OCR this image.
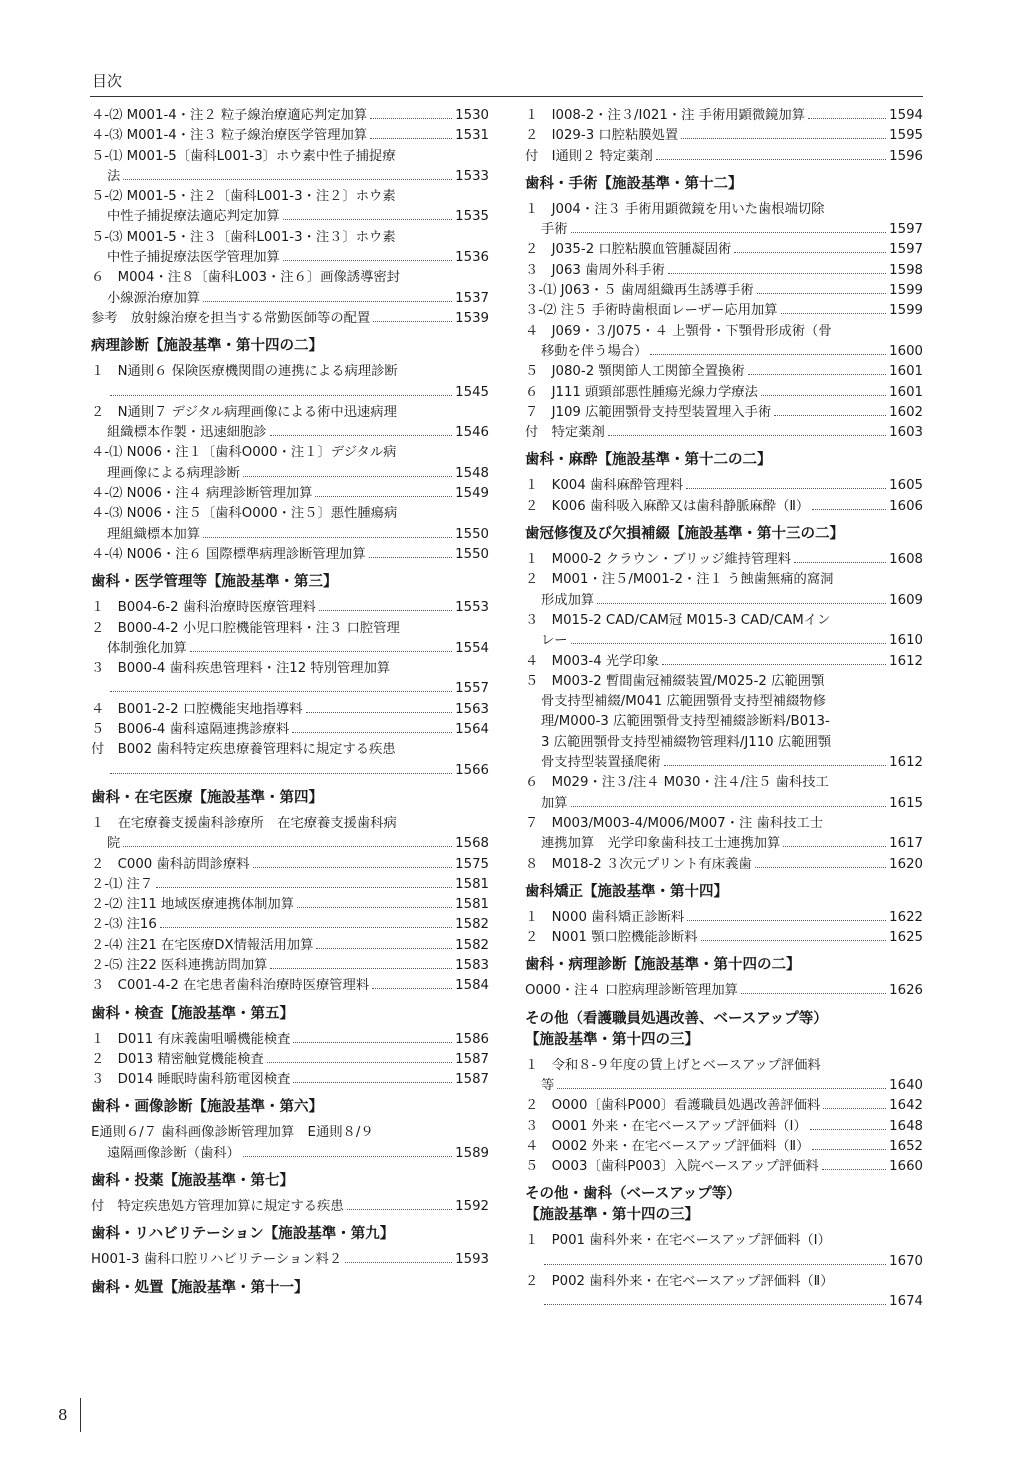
目次
４-⑵ M001-4・注２ 粒子線治療適応判定加算	1530
４-⑶ M001-4・注３ 粒子線治療医学管理加算	1531
５-⑴ M001-5〔歯科L001-3〕ホウ素中性子捕捉療
法	1533
５-⑵ M001-5・注２〔歯科L001-3・注２〕ホウ素
中性子捕捉療法適応判定加算	1535
５-⑶ M001-5・注３〔歯科L001-3・注３〕ホウ素
中性子捕捉療法医学管理加算	1536
６　M004・注８〔歯科L003・注６〕画像誘導密封
小線源治療加算	1537
参考　放射線治療を担当する常勤医師等の配置	1539
病理診断【施設基準・第十四の二】
１　N通則６ 保険医療機関間の連携による病理診断
1545
２　N通則７ デジタル病理画像による術中迅速病理
組織標本作製・迅速細胞診	1546
４-⑴ N006・注１〔歯科O000・注１〕デジタル病
理画像による病理診断	1548
４-⑵ N006・注４ 病理診断管理加算	1549
４-⑶ N006・注５〔歯科O000・注５〕悪性腫瘍病
理組織標本加算	1550
４-⑷ N006・注６ 国際標準病理診断管理加算	1550
歯科・医学管理等【施設基準・第三】
１　B004-6-2 歯科治療時医療管理料	1553
２　B000-4-2 小児口腔機能管理料・注３ 口腔管理
体制強化加算	1554
３　B000-4 歯科疾患管理料・注12 特別管理加算
1557
４　B001-2-2 口腔機能実地指導料	1563
５　B006-4 歯科遠隔連携診療料	1564
付　B002 歯科特定疾患療養管理料に規定する疾患
1566
歯科・在宅医療【施設基準・第四】
１　在宅療養支援歯科診療所　在宅療養支援歯科病
院	1568
２　C000 歯科訪問診療料	1575
２-⑴ 注７	1581
２-⑵ 注11 地域医療連携体制加算	1581
２-⑶ 注16	1582
２-⑷ 注21 在宅医療DX情報活用加算	1582
２-⑸ 注22 医科連携訪問加算	1583
３　C001-4-2 在宅患者歯科治療時医療管理料	1584
歯科・検査【施設基準・第五】
１　D011 有床義歯咀嚼機能検査	1586
２　D013 精密触覚機能検査	1587
３　D014 睡眠時歯科筋電図検査	1587
歯科・画像診断【施設基準・第六】
E通則６/７ 歯科画像診断管理加算　E通則８/９
遠隔画像診断（歯科）	1589
歯科・投薬【施設基準・第七】
付　特定疾患処方管理加算に規定する疾患	1592
歯科・リハビリテーション【施設基準・第九】
H001-3 歯科口腔リハビリテーション料２	1593
歯科・処置【施設基準・第十一】
１　I008-2・注３/I021・注 手術用顕微鏡加算	1594
２　I029-3 口腔粘膜処置	1595
付　I通則２ 特定薬剤	1596
歯科・手術【施設基準・第十二】
１　J004・注３ 手術用顕微鏡を用いた歯根端切除
手術	1597
２　J035-2 口腔粘膜血管腫凝固術	1597
３　J063 歯周外科手術	1598
３-⑴ J063・５ 歯周組織再生誘導手術	1599
３-⑵ 注５ 手術時歯根面レーザー応用加算	1599
４　J069・３/J075・４ 上顎骨・下顎骨形成術（骨
移動を伴う場合）	1600
５　J080-2 顎関節人工関節全置換術	1601
６　J111 頭頸部悪性腫瘍光線力学療法	1601
７　J109 広範囲顎骨支持型装置埋入手術	1602
付　特定薬剤	1603
歯科・麻酔【施設基準・第十二の二】
１　K004 歯科麻酔管理料	1605
２　K006 歯科吸入麻酔又は歯科静脈麻酔（Ⅱ）	1606
歯冠修復及び欠損補綴【施設基準・第十三の二】
１　M000-2 クラウン・ブリッジ維持管理料	1608
２　M001・注５/M001-2・注１ う蝕歯無痛的窩洞
形成加算	1609
３　M015-2 CAD/CAM冠 M015-3 CAD/CAMイン
レー	1610
４　M003-4 光学印象	1612
５　M003-2 暫間歯冠補綴装置/M025-2 広範囲顎
骨支持型補綴/M041 広範囲顎骨支持型補綴物修
理/M000-3 広範囲顎骨支持型補綴診断料/B013-
3 広範囲顎骨支持型補綴物管理料/J110 広範囲顎
骨支持型装置掻爬術	1612
６　M029・注３/注４ M030・注４/注５ 歯科技工
加算	1615
７　M003/M003-4/M006/M007・注 歯科技工士
連携加算　光学印象歯科技工士連携加算	1617
８　M018-2 ３次元プリント有床義歯	1620
歯科矯正【施設基準・第十四】
１　N000 歯科矯正診断料	1622
２　N001 顎口腔機能診断料	1625
歯科・病理診断【施設基準・第十四の二】
O000・注４ 口腔病理診断管理加算	1626
その他（看護職員処遇改善、ベースアップ等）
【施設基準・第十四の三】
１　令和８-９年度の賃上げとベースアップ評価料
等	1640
２　O000〔歯科P000〕看護職員処遇改善評価料	1642
３　O001 外来・在宅ベースアップ評価料（Ⅰ）	1648
４　O002 外来・在宅ベースアップ評価料（Ⅱ）	1652
５　O003〔歯科P003〕入院ベースアップ評価料	1660
その他・歯科（ベースアップ等）
【施設基準・第十四の三】
１　P001 歯科外来・在宅ベースアップ評価料（Ⅰ）
1670
２　P002 歯科外来・在宅ベースアップ評価料（Ⅱ）
1674
8
